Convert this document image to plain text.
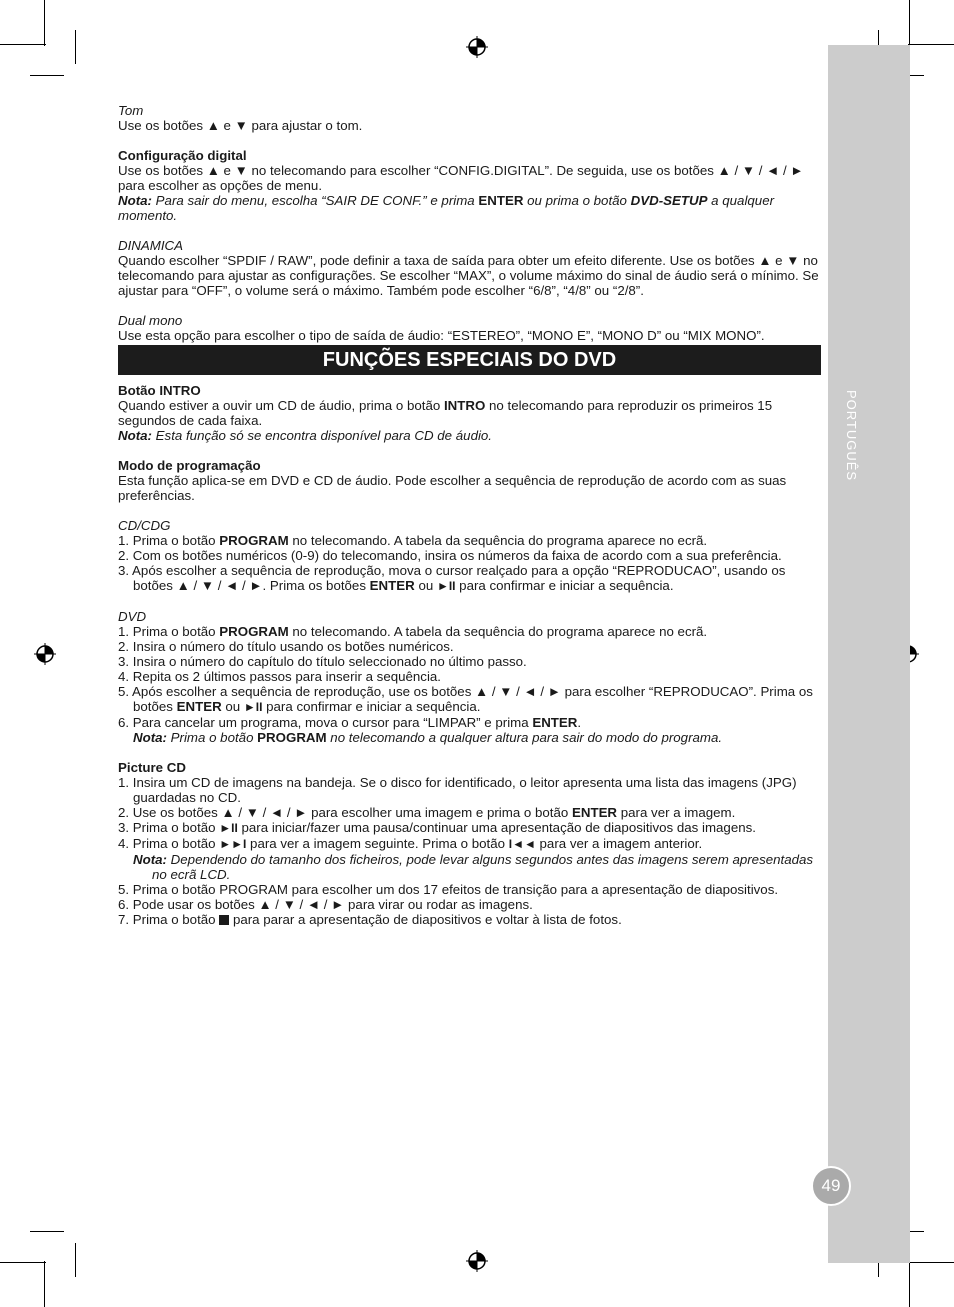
PORTUGUÊS
49

Tom

Use os botões ▲ e ▼ para ajustar o tom.

Configuração digital

Use os botões ▲ e ▼ no telecomando para escolher “CONFIG.DIGITAL”. De seguida, use os botões ▲ / ▼ / ◄ / ► para escolher as opções de menu.

Nota: Para sair do menu, escolha “SAIR DE CONF.” e prima ENTER ou prima o botão DVD-SETUP a qualquer momento.

DINAMICA

Quando escolher “SPDIF / RAW”, pode definir a taxa de saída para obter um efeito diferente. Use os botões ▲ e ▼ no telecomando para ajustar as configurações. Se escolher “MAX”, o volume máximo do sinal de áudio será o mínimo. Se ajustar para “OFF”, o volume será o máximo. Também pode escolher “6/8”, “4/8” ou “2/8”.

Dual mono

Use esta opção para escolher o tipo de saída de áudio: “ESTEREO”, “MONO E”, “MONO D” ou “MIX MONO”.

FUNÇÕES ESPECIAIS DO DVD

Botão INTRO

Quando estiver a ouvir um CD de áudio, prima o botão INTRO no telecomando para reproduzir os primeiros 15 segundos de cada faixa.

Nota: Esta função só se encontra disponível para CD de áudio.

Modo de programação

Esta função aplica-se em DVD e CD de áudio. Pode escolher a sequência de reprodução de acordo com as suas preferências.

CD/CDG

1. Prima o botão PROGRAM no telecomando. A tabela da sequência do programa aparece no ecrã.

2. Com os botões numéricos (0-9) do telecomando, insira os números da faixa de acordo com a sua preferência.

3. Após escolher a sequência de reprodução, mova o cursor realçado para a opção “REPRODUCAO”, usando os botões ▲ / ▼ / ◄ / ►. Prima os botões ENTER ou ►II para confirmar e iniciar a sequência.

DVD

1. Prima o botão PROGRAM no telecomando. A tabela da sequência do programa aparece no ecrã.

2. Insira o número do título usando os botões numéricos.

3. Insira o número do capítulo do título seleccionado no último passo.

4. Repita os 2 últimos passos para inserir a sequência.

5. Após escolher a sequência de reprodução, use os botões ▲ / ▼ / ◄ / ► para escolher “REPRODUCAO”. Prima os botões ENTER ou ►II para confirmar e iniciar a sequência.

6. Para cancelar um programa, mova o cursor para “LIMPAR” e prima ENTER.

Nota: Prima o botão PROGRAM no telecomando a qualquer altura para sair do modo do programa.

Picture CD

1. Insira um CD de imagens na bandeja. Se o disco for identificado, o leitor apresenta uma lista das imagens (JPG) guardadas no CD.

2. Use os botões ▲ / ▼ / ◄ / ► para escolher uma imagem e prima o botão ENTER para ver a imagem.

3. Prima o botão ►II para iniciar/fazer uma pausa/continuar uma apresentação de diapositivos das imagens.

4. Prima o botão ►►I para ver a imagem seguinte. Prima o botão I◄◄ para ver a imagem anterior.

Nota: Dependendo do tamanho dos ficheiros, pode levar alguns segundos antes das imagens serem apresentadas no ecrã LCD.

5. Prima o botão PROGRAM para escolher um dos 17 efeitos de transição para a apresentação de diapositivos.

6. Pode usar os botões ▲ / ▼ / ◄ / ► para virar ou rodar as imagens.

7. Prima o botão  para parar a apresentação de diapositivos e voltar à lista de fotos.
